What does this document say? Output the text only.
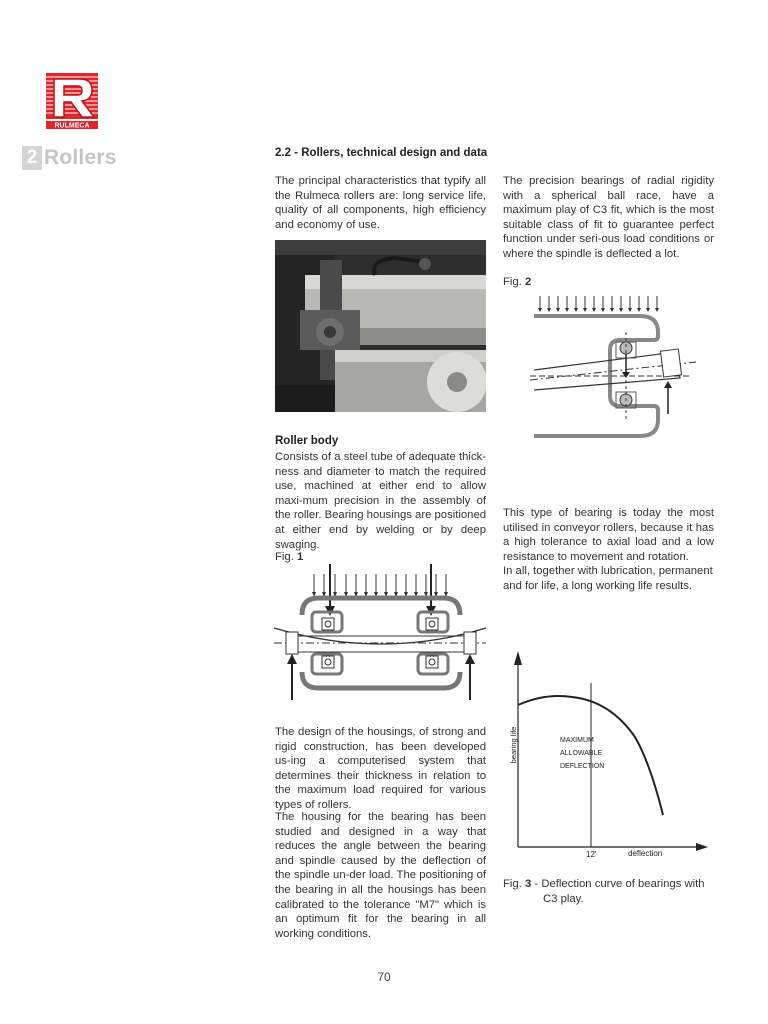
RULMECA
2 Rollers	2.2 - Rollers, technical design and data
The principal characteristics that typify all the Rulmeca rollers are: long service life, quality of all components, high efficiency and economy of use.
Roller body
Consists of a steel tube of adequate thick-ness and diameter to match the required use, machined at either end to allow maxi-mum precision in the assembly of the roller. Bearing housings are positioned at either end by welding or by deep swaging.
Fig. 1
The design of the housings, of strong and rigid construction, has been developed us-ing a computerised system that determines their thickness in relation to the maximum load required for various types of rollers.
The housing for the bearing has been studied and designed in a way that reduces the angle between the bearing and spindle caused by the deflection of the spindle un-der load. The positioning of the bearing in all the housings has been calibrated to the tolerance "M7" which is an optimum fit for the bearing in all working conditions.
The precision bearings of radial rigidity with a spherical ball race, have a maximum play of C3 fit, which is the most suitable class of fit to guarantee perfect function under seri-ous load conditions or where the spindle is deflected a lot.
Fig. 2
This type of bearing is today the most utilised in conveyor rollers, because it has a high tolerance to axial load and a low resistance to movement and rotation.
In all, together with lubrication, permanent and for life, a long working life results.
bearing life
deflection
12'
MAXIMUM
ALLOWABLE
DEFLECTION
Fig. 3 - Deflection curve of bearings with
C3 play.
70
